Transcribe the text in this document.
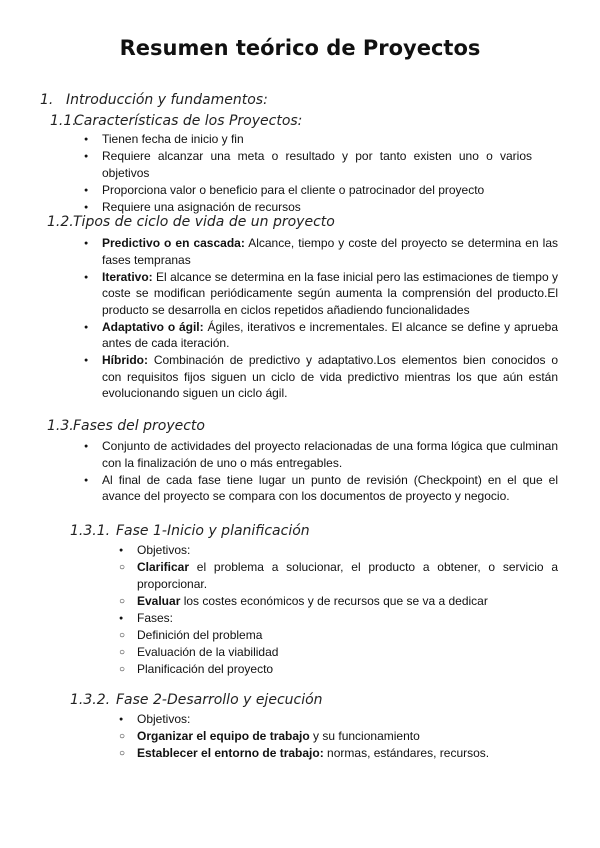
Resumen teórico de Proyectos
1. Introducción y fundamentos:
1.1.Características de los Proyectos:
●
Tienen fecha de inicio y fin
●
Requiere alcanzar una meta o resultado y por tanto existen uno o varios objetivos
●
Proporciona valor o beneficio para el cliente o patrocinador del proyecto
●
Requiere una asignación de recursos
1.2.Tipos de ciclo de vida de un proyecto
●
Predictivo o en cascada: Alcance, tiempo y coste del proyecto se determina en las fases tempranas
●
Iterativo: El alcance se determina en la fase inicial pero las estimaciones de tiempo y coste se modifican periódicamente según aumenta la comprensión del producto.El producto se desarrolla en ciclos repetidos añadiendo funcionalidades
●
Adaptativo o ágil: Ágiles, iterativos e incrementales. El alcance se define y aprueba antes de cada iteración.
●
Híbrido: Combinación de predictivo y adaptativo.Los elementos bien conocidos o con requisitos fijos siguen un ciclo de vida predictivo mientras los que aún están evolucionando siguen un ciclo ágil.
1.3.Fases del proyecto
●
Conjunto de actividades del proyecto relacionadas de una forma lógica que culminan con la finalización de uno o más entregables.
●
Al final de cada fase tiene lugar un punto de revisión (Checkpoint) en el que el avance del proyecto se compara con los documentos de proyecto y negocio.
1.3.1. Fase 1-Inicio y planificación
●
Objetivos:
○
Clarificar el problema a solucionar, el producto a obtener, o servicio a proporcionar.
○
Evaluar los costes económicos y de recursos que se va a dedicar
●
Fases:
○
Definición del problema
○
Evaluación de la viabilidad
○
Planificación del proyecto
1.3.2. Fase 2-Desarrollo y ejecución
●
Objetivos:
○
Organizar el equipo de trabajo y su funcionamiento
○
Establecer el entorno de trabajo: normas, estándares, recursos.
